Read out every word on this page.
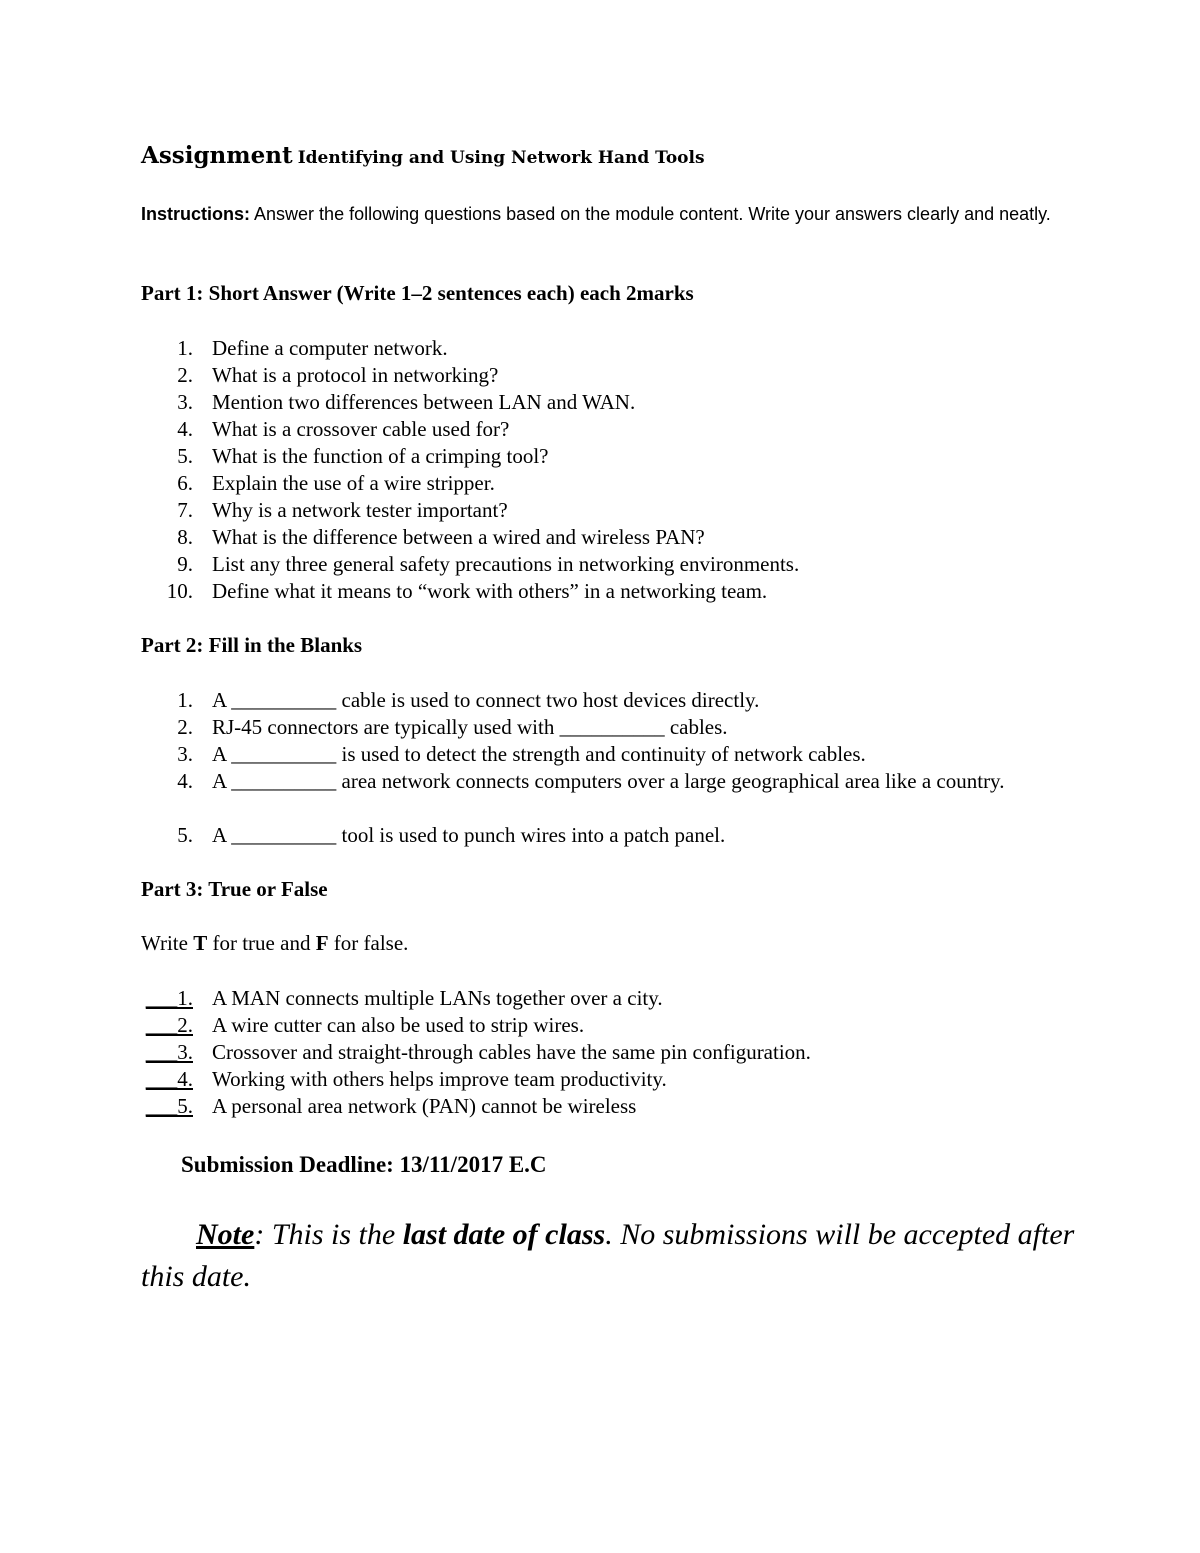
Assignment Identifying and Using Network Hand Tools
Instructions: Answer the following questions based on the module content. Write your answers clearly and neatly.
Part 1: Short Answer (Write 1–2 sentences each) each 2marks
1. Define a computer network.
2. What is a protocol in networking?
3. Mention two differences between LAN and WAN.
4. What is a crossover cable used for?
5. What is the function of a crimping tool?
6. Explain the use of a wire stripper.
7. Why is a network tester important?
8. What is the difference between a wired and wireless PAN?
9. List any three general safety precautions in networking environments.
10. Define what it means to “work with others” in a networking team.
Part 2: Fill in the Blanks
1. A __________ cable is used to connect two host devices directly.
2. RJ-45 connectors are typically used with __________ cables.
3. A __________ is used to detect the strength and continuity of network cables.
4. A __________ area network connects computers over a large geographical area like a country.
5. A __________ tool is used to punch wires into a patch panel.
Part 3: True or False
Write T for true and F for false.
___1. A MAN connects multiple LANs together over a city.
___2. A wire cutter can also be used to strip wires.
___3. Crossover and straight-through cables have the same pin configuration.
___4. Working with others helps improve team productivity.
___5. A personal area network (PAN) cannot be wireless
Submission Deadline: 13/11/2017 E.C
Note: This is the last date of class. No submissions will be accepted after this date.
